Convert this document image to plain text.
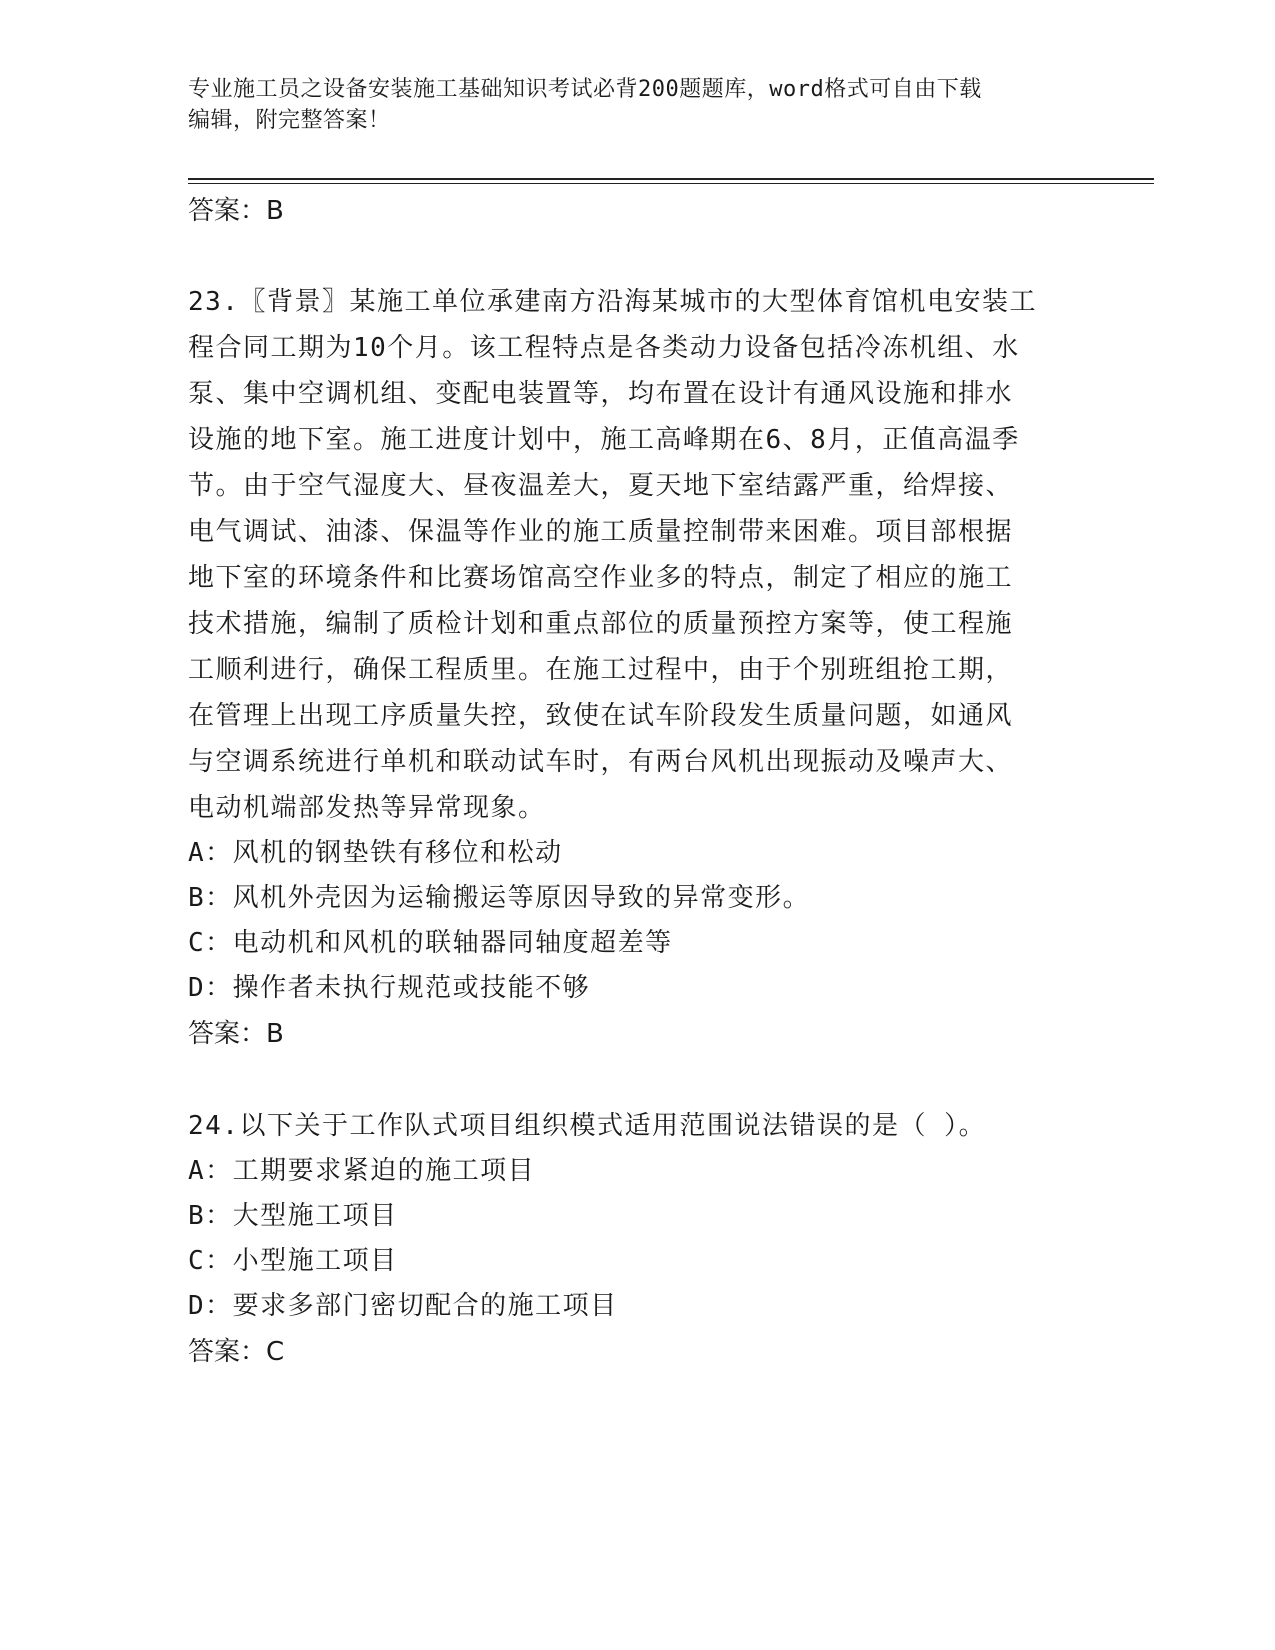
专业施工员之设备安装施工基础知识考试必背200题题库，word格式可自由下载
编辑，附完整答案！

答案：B

23.〖背景〗某施工单位承建南方沿海某城市的大型体育馆机电安装工

程合同工期为10个月。该工程特点是各类动力设备包括冷冻机组、水

泵、集中空调机组、变配电装置等，均布置在设计有通风设施和排水

设施的地下室。施工进度计划中，施工高峰期在6、8月，正值高温季

节。由于空气湿度大、昼夜温差大，夏天地下室结露严重，给焊接、

电气调试、油漆、保温等作业的施工质量控制带来困难。项目部根据

地下室的环境条件和比赛场馆高空作业多的特点，制定了相应的施工

技术措施，编制了质检计划和重点部位的质量预控方案等，使工程施

工顺利进行，确保工程质里。在施工过程中，由于个别班组抢工期，

在管理上出现工序质量失控，致使在试车阶段发生质量问题，如通风

与空调系统进行单机和联动试车时，有两台风机出现振动及噪声大、

电动机端部发热等异常现象。

A：风机的钢垫铁有移位和松动

B：风机外壳因为运输搬运等原因导致的异常变形。

C：电动机和风机的联轴器同轴度超差等

D：操作者未执行规范或技能不够

答案：B

24.以下关于工作队式项目组织模式适用范围说法错误的是（ ）。

A：工期要求紧迫的施工项目

B：大型施工项目

C：小型施工项目

D：要求多部门密切配合的施工项目

答案：C
